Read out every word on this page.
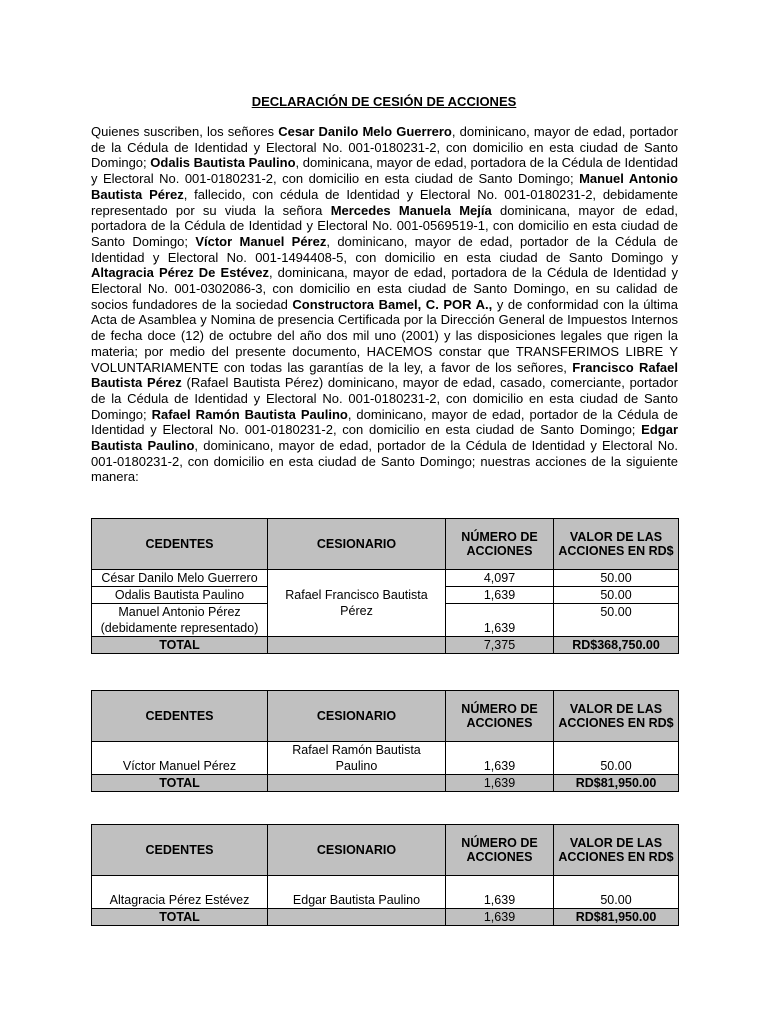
DECLARACIÓN DE CESIÓN DE ACCIONES
Quienes suscriben, los señores Cesar Danilo Melo Guerrero, dominicano, mayor de edad, portador de la Cédula de Identidad y Electoral No. 001-0180231-2, con domicilio en esta ciudad de Santo Domingo; Odalis Bautista Paulino, dominicana, mayor de edad, portadora de la Cédula de Identidad y Electoral No. 001-0180231-2, con domicilio en esta ciudad de Santo Domingo; Manuel Antonio Bautista Pérez, fallecido, con cédula de Identidad y Electoral No. 001-0180231-2, debidamente representado por su viuda la señora Mercedes Manuela Mejía dominicana, mayor de edad, portadora de la Cédula de Identidad y Electoral No. 001-0569519-1, con domicilio en esta ciudad de Santo Domingo; Víctor Manuel Pérez, dominicano, mayor de edad, portador de la Cédula de Identidad y Electoral No. 001-1494408-5, con domicilio en esta ciudad de Santo Domingo y Altagracia Pérez De Estévez, dominicana, mayor de edad, portadora de la Cédula de Identidad y Electoral No. 001-0302086-3, con domicilio en esta ciudad de Santo Domingo, en su calidad de socios fundadores de la sociedad Constructora Bamel, C. POR A., y de conformidad con la última Acta de Asamblea y Nomina de presencia Certificada por la Dirección General de Impuestos Internos de fecha doce (12) de octubre del año dos mil uno (2001) y las disposiciones legales que rigen la materia; por medio del presente documento, HACEMOS constar que TRANSFERIMOS LIBRE Y VOLUNTARIAMENTE con todas las garantías de la ley, a favor de los señores, Francisco Rafael Bautista Pérez (Rafael Bautista Pérez) dominicano, mayor de edad, casado, comerciante, portador de la Cédula de Identidad y Electoral No. 001-0180231-2, con domicilio en esta ciudad de Santo Domingo; Rafael Ramón Bautista Paulino, dominicano, mayor de edad, portador de la Cédula de Identidad y Electoral No. 001-0180231-2, con domicilio en esta ciudad de Santo Domingo; Edgar Bautista Paulino, dominicano, mayor de edad, portador de la Cédula de Identidad y Electoral No. 001-0180231-2, con domicilio en esta ciudad de Santo Domingo; nuestras acciones de la siguiente manera:
CEDENTES	CESIONARIO	NÚMERO DE ACCIONES	VALOR DE LAS ACCIONES EN RD$
César Danilo Melo Guerrero	Rafael Francisco Bautista Pérez	4,097	50.00
Odalis Bautista Paulino		1,639	50.00
Manuel Antonio Pérez (debidamente representado)		1,639	50.00
TOTAL		7,375	RD$368,750.00
CEDENTES	CESIONARIO	NÚMERO DE ACCIONES	VALOR DE LAS ACCIONES EN RD$
Víctor Manuel Pérez	Rafael Ramón Bautista Paulino	1,639	50.00
TOTAL		1,639	RD$81,950.00
CEDENTES	CESIONARIO	NÚMERO DE ACCIONES	VALOR DE LAS ACCIONES EN RD$
Altagracia Pérez Estévez	Edgar Bautista Paulino	1,639	50.00
TOTAL		1,639	RD$81,950.00
